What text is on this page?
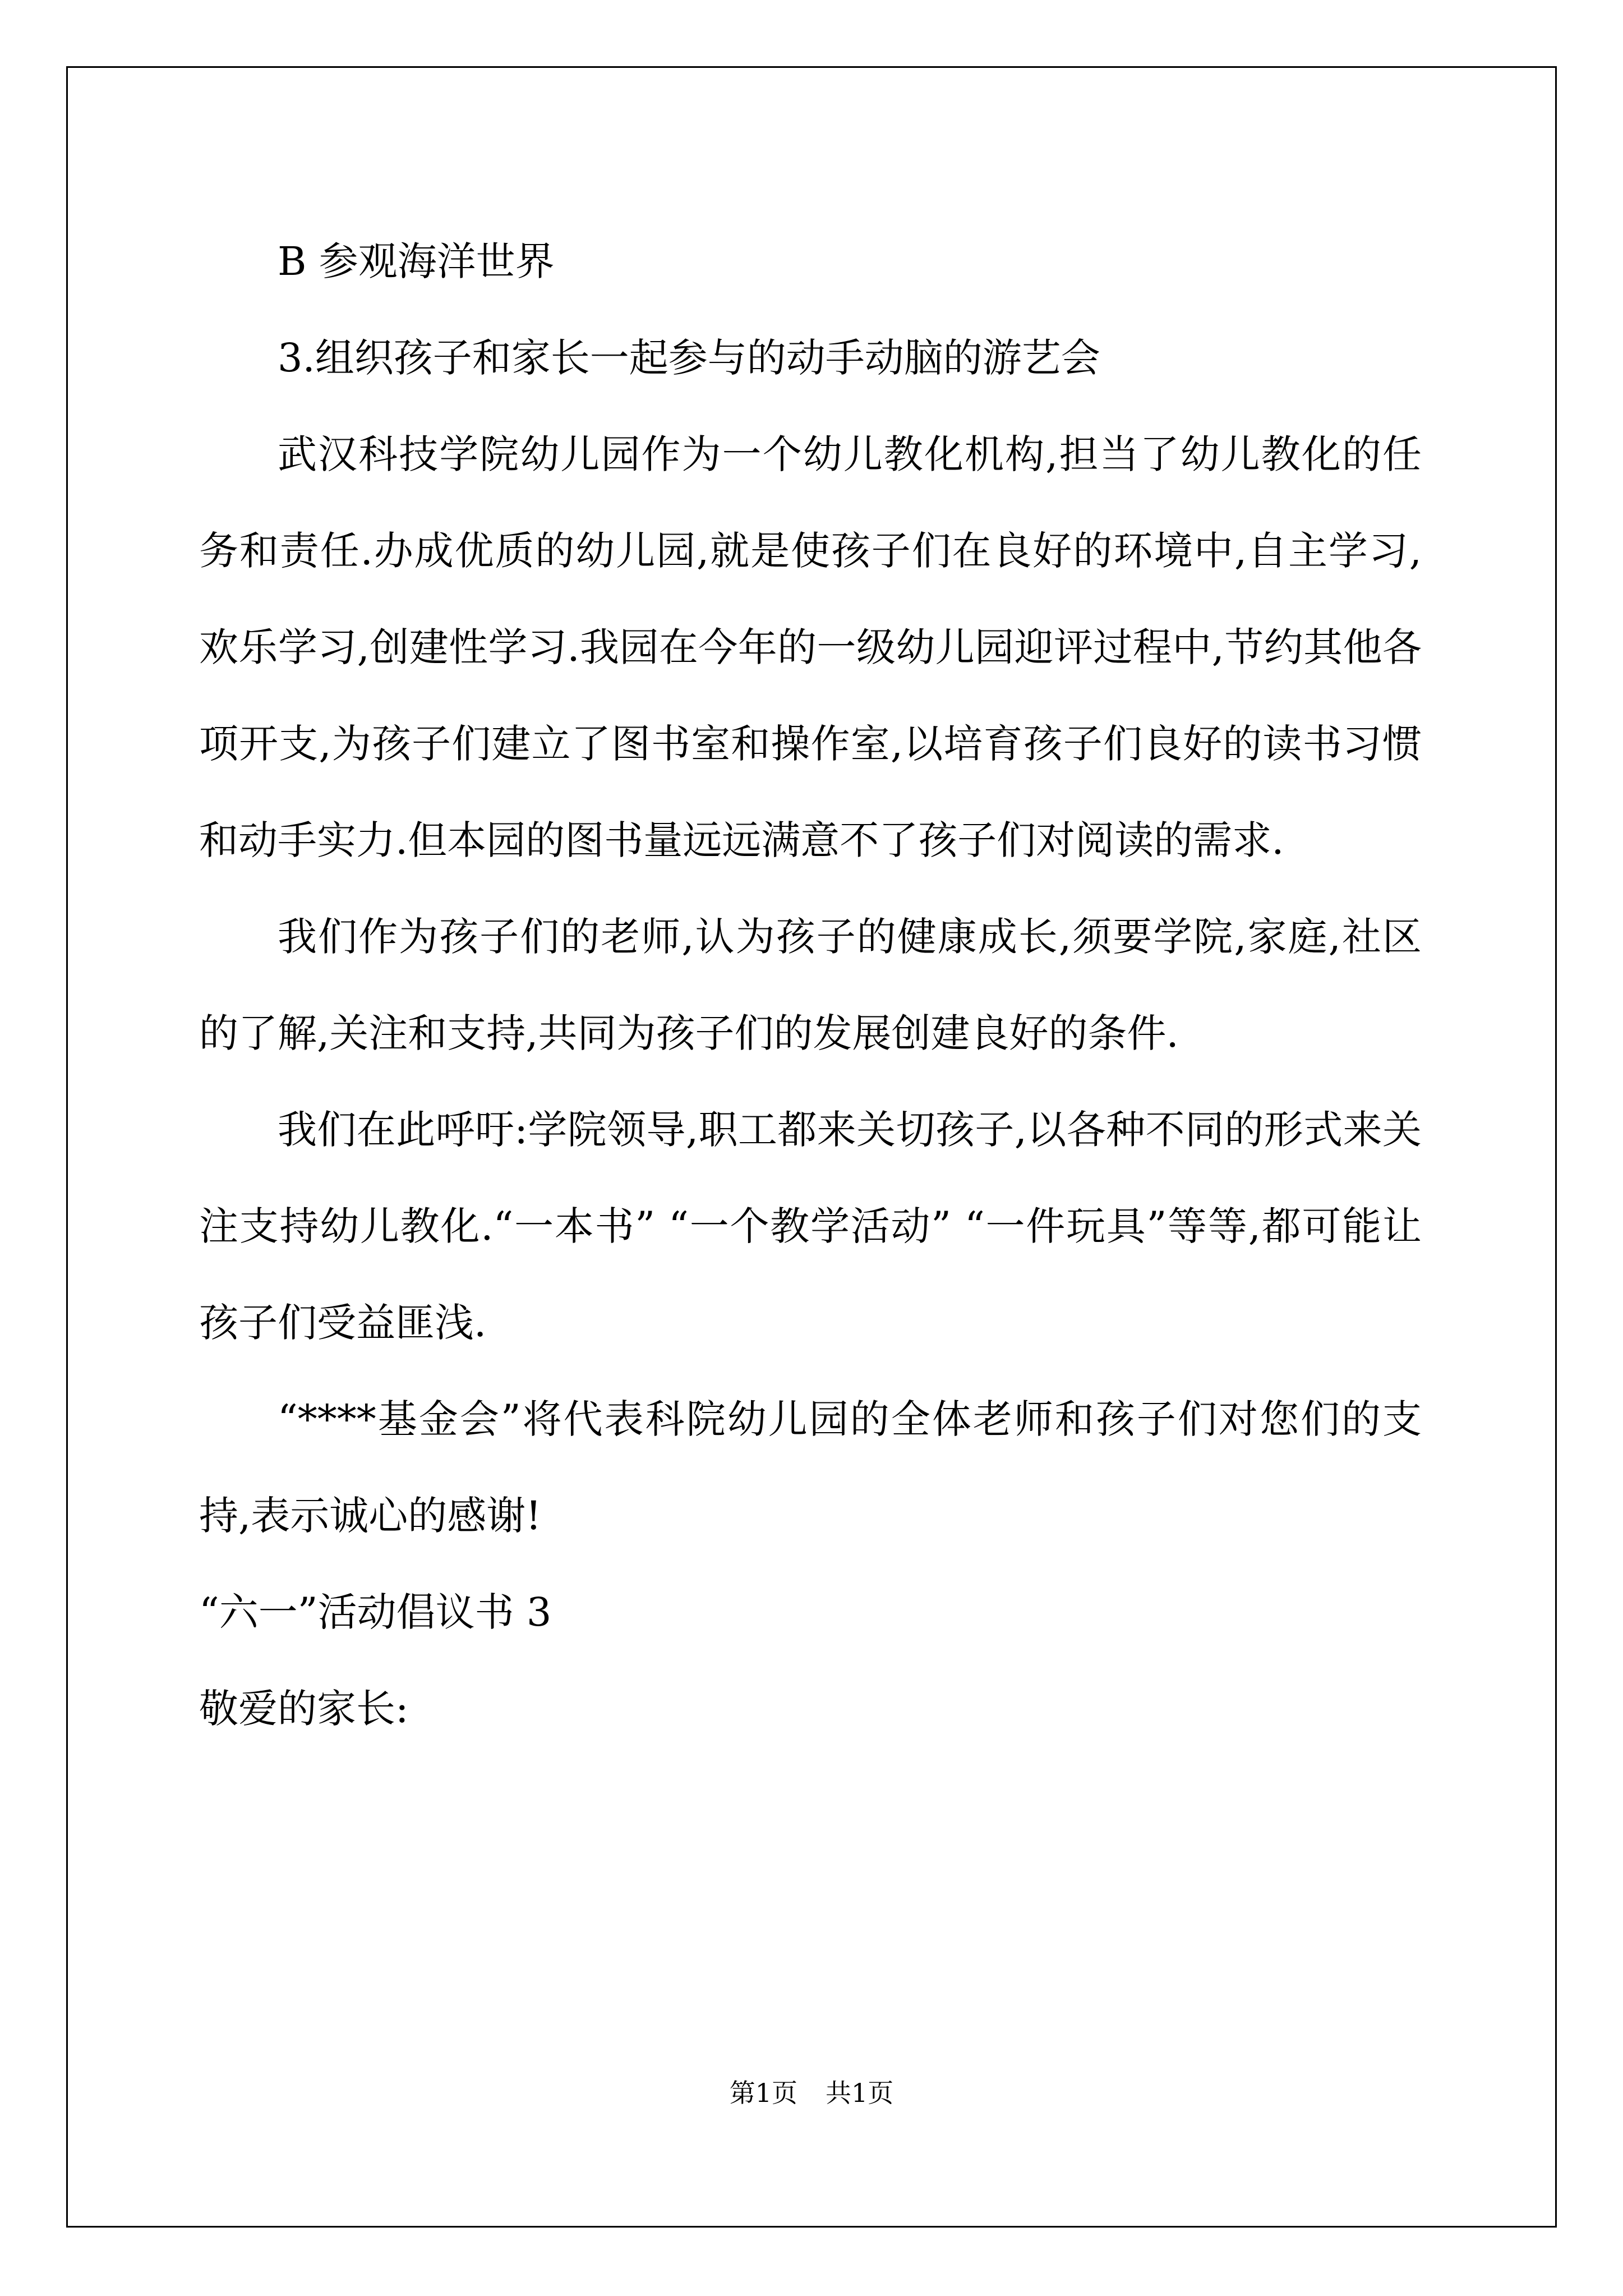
B 参观海洋世界

3.组织孩子和家长一起参与的动手动脑的游艺会

武汉科技学院幼儿园作为一个幼儿教化机构,担当了幼儿教化的任务和责任.办成优质的幼儿园,就是使孩子们在良好的环境中,自主学习,欢乐学习,创建性学习.我园在今年的一级幼儿园迎评过程中,节约其他各项开支,为孩子们建立了图书室和操作室,以培育孩子们良好的读书习惯和动手实力.但本园的图书量远远满意不了孩子们对阅读的需求.

我们作为孩子们的老师,认为孩子的健康成长,须要学院,家庭,社区的了解,关注和支持,共同为孩子们的发展创建良好的条件.

我们在此呼吁:学院领导,职工都来关切孩子,以各种不同的形式来关注支持幼儿教化.“一本书” “一个教学活动” “一件玩具”等等,都可能让孩子们受益匪浅.

“****基金会”将代表科院幼儿园的全体老师和孩子们对您们的支持,表示诚心的感谢!

“六一”活动倡议书 3

敬爱的家长:

第1页 共1页
